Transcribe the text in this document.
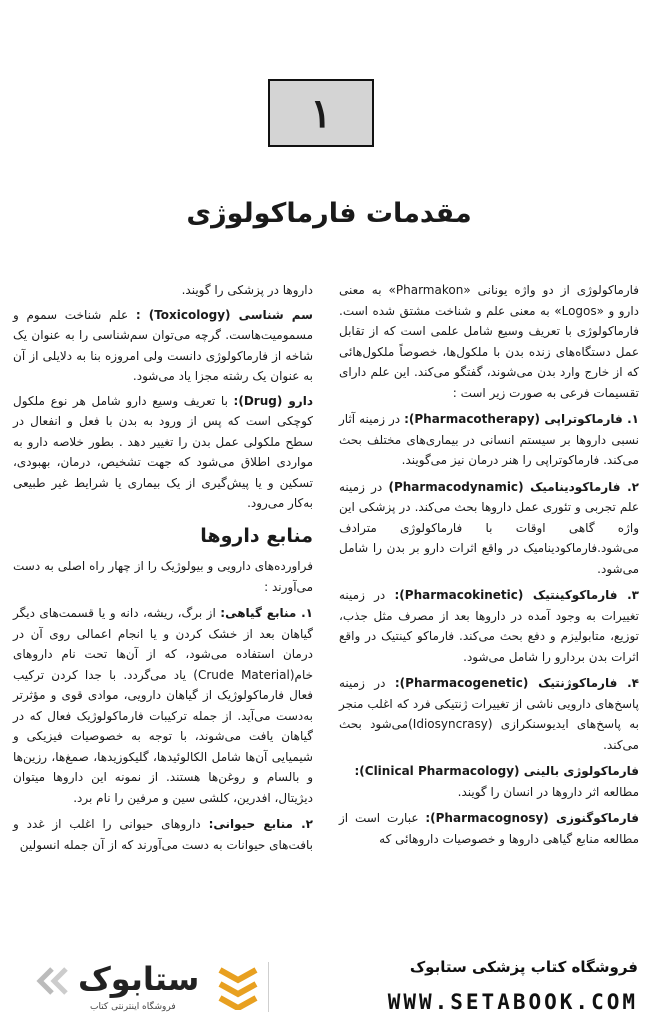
۱
مقدمات فارماکولوژی

فارماکولوژی از دو واژه یونانی «Pharmakon» به معنی دارو و «Logos» به معنی علم و شناخت مشتق شده است. فارماکولوژی با تعریف وسیع شامل علمی است که از تقابل عمل دستگاه‌های زنده بدن با ملکول‌ها، خصوصاً ملکول‌هائی که از خارج وارد بدن می‌شوند، گفتگو می‌کند. این علم دارای تقسیمات فرعی به صورت زیر است :

۱. فارماکوتراپی (Pharmacotherapy): در زمینه آثار نسبی داروها بر سیستم انسانی در بیماری‌های مختلف بحث می‌کند. فارماکوتراپی را هنر درمان نیز می‌گویند.

۲. فارماکودینامیک (Pharmacodynamic) در زمینه علم تجربی و تئوری عمل داروها بحث می‌کند. در پزشکی این واژه گاهی اوقات با فارماکولوژی مترادف می‌شود.فارماکودینامیک در واقع اثرات دارو بر بدن را شامل می‌شود.

۳. فارماکوکینتیک (Pharmacokinetic): در زمینه تغییرات به وجود آمده در داروها بعد از مصرف مثل جذب، توزیع، متابولیزم و دفع بحث می‌کند. فارماکو کینتیک در واقع اثرات بدن بردارو را شامل می‌شود.

۴. فارماکوژنتیک (Pharmacogenetic): در زمینه پاسخ‌های دارویی ناشی از تغییرات ژنتیکی فرد که اغلب منجر به پاسخ‌های ایدیوسنکرازی (Idiosyncrasy)می‌شود بحث می‌کند.

فارماکولوژی بالینی (Clinical Pharmacology):
مطالعه اثر داروها در انسان را گویند.

فارماکوگنوزی (Pharmacognosy): عبارت است از مطالعه منابع گیاهی داروها و خصوصیات داروهائی که

داروها در پزشکی را گویند.

سم شناسی (Toxicology) : علم شناخت سموم و مسمومیت‌هاست. گرچه می‌توان سم‌شناسی را به عنوان یک شاخه از فارماکولوژی دانست ولی امروزه بنا به دلایلی از آن به عنوان یک رشته مجزا یاد می‌شود.

دارو (Drug): با تعریف وسیع دارو شامل هر نوع ملکول کوچکی است که پس از ورود به بدن با فعل و انفعال در سطح ملکولی عمل بدن را تغییر دهد . بطور خلاصه دارو به مواردی اطلاق می‌شود که جهت تشخیص، درمان، بهبودی، تسکین و یا پیش‌گیری از یک بیماری یا شرایط غیر طبیعی به‌کار می‌رود.

منابع داروها

فراورده‌های دارویی و بیولوژیک را از چهار راه اصلی به دست می‌آورند :

۱. منابع گیاهی: از برگ، ریشه، دانه و یا قسمت‌های دیگر گیاهان بعد از خشک کردن و یا انجام اعمالی روی آن در درمان استفاده می‌شود، که از آن‌ها تحت نام داروهای خام(Crude Material) یاد می‌گردد. با جدا کردن ترکیب فعال فارماکولوژیک از گیاهان دارویی، موادی قوی و مؤثرتر به‌دست می‌آید. از جمله ترکیبات فارماکولوژیک فعال که در گیاهان یافت می‌شوند، با توجه به خصوصیات فیزیکی و شیمیایی آن‌ها شامل الکالوئیدها، گلیکوزیدها، صمغ‌ها، رزین‌ها و بالسام و روغن‌ها هستند. از نمونه این داروها میتوان دیژیتال، افدرین، کلشی سین و مرفین را نام برد.

۲. منابع حیوانی: داروهای حیوانی را اغلب از غدد و بافت‌های حیوانات به دست می‌آورند که از آن جمله انسولین

ستابوک
فروشگاه اینترنتی کتاب
فروشگاه کتاب پزشکی ستابوک
WWW.SETABOOK.COM
